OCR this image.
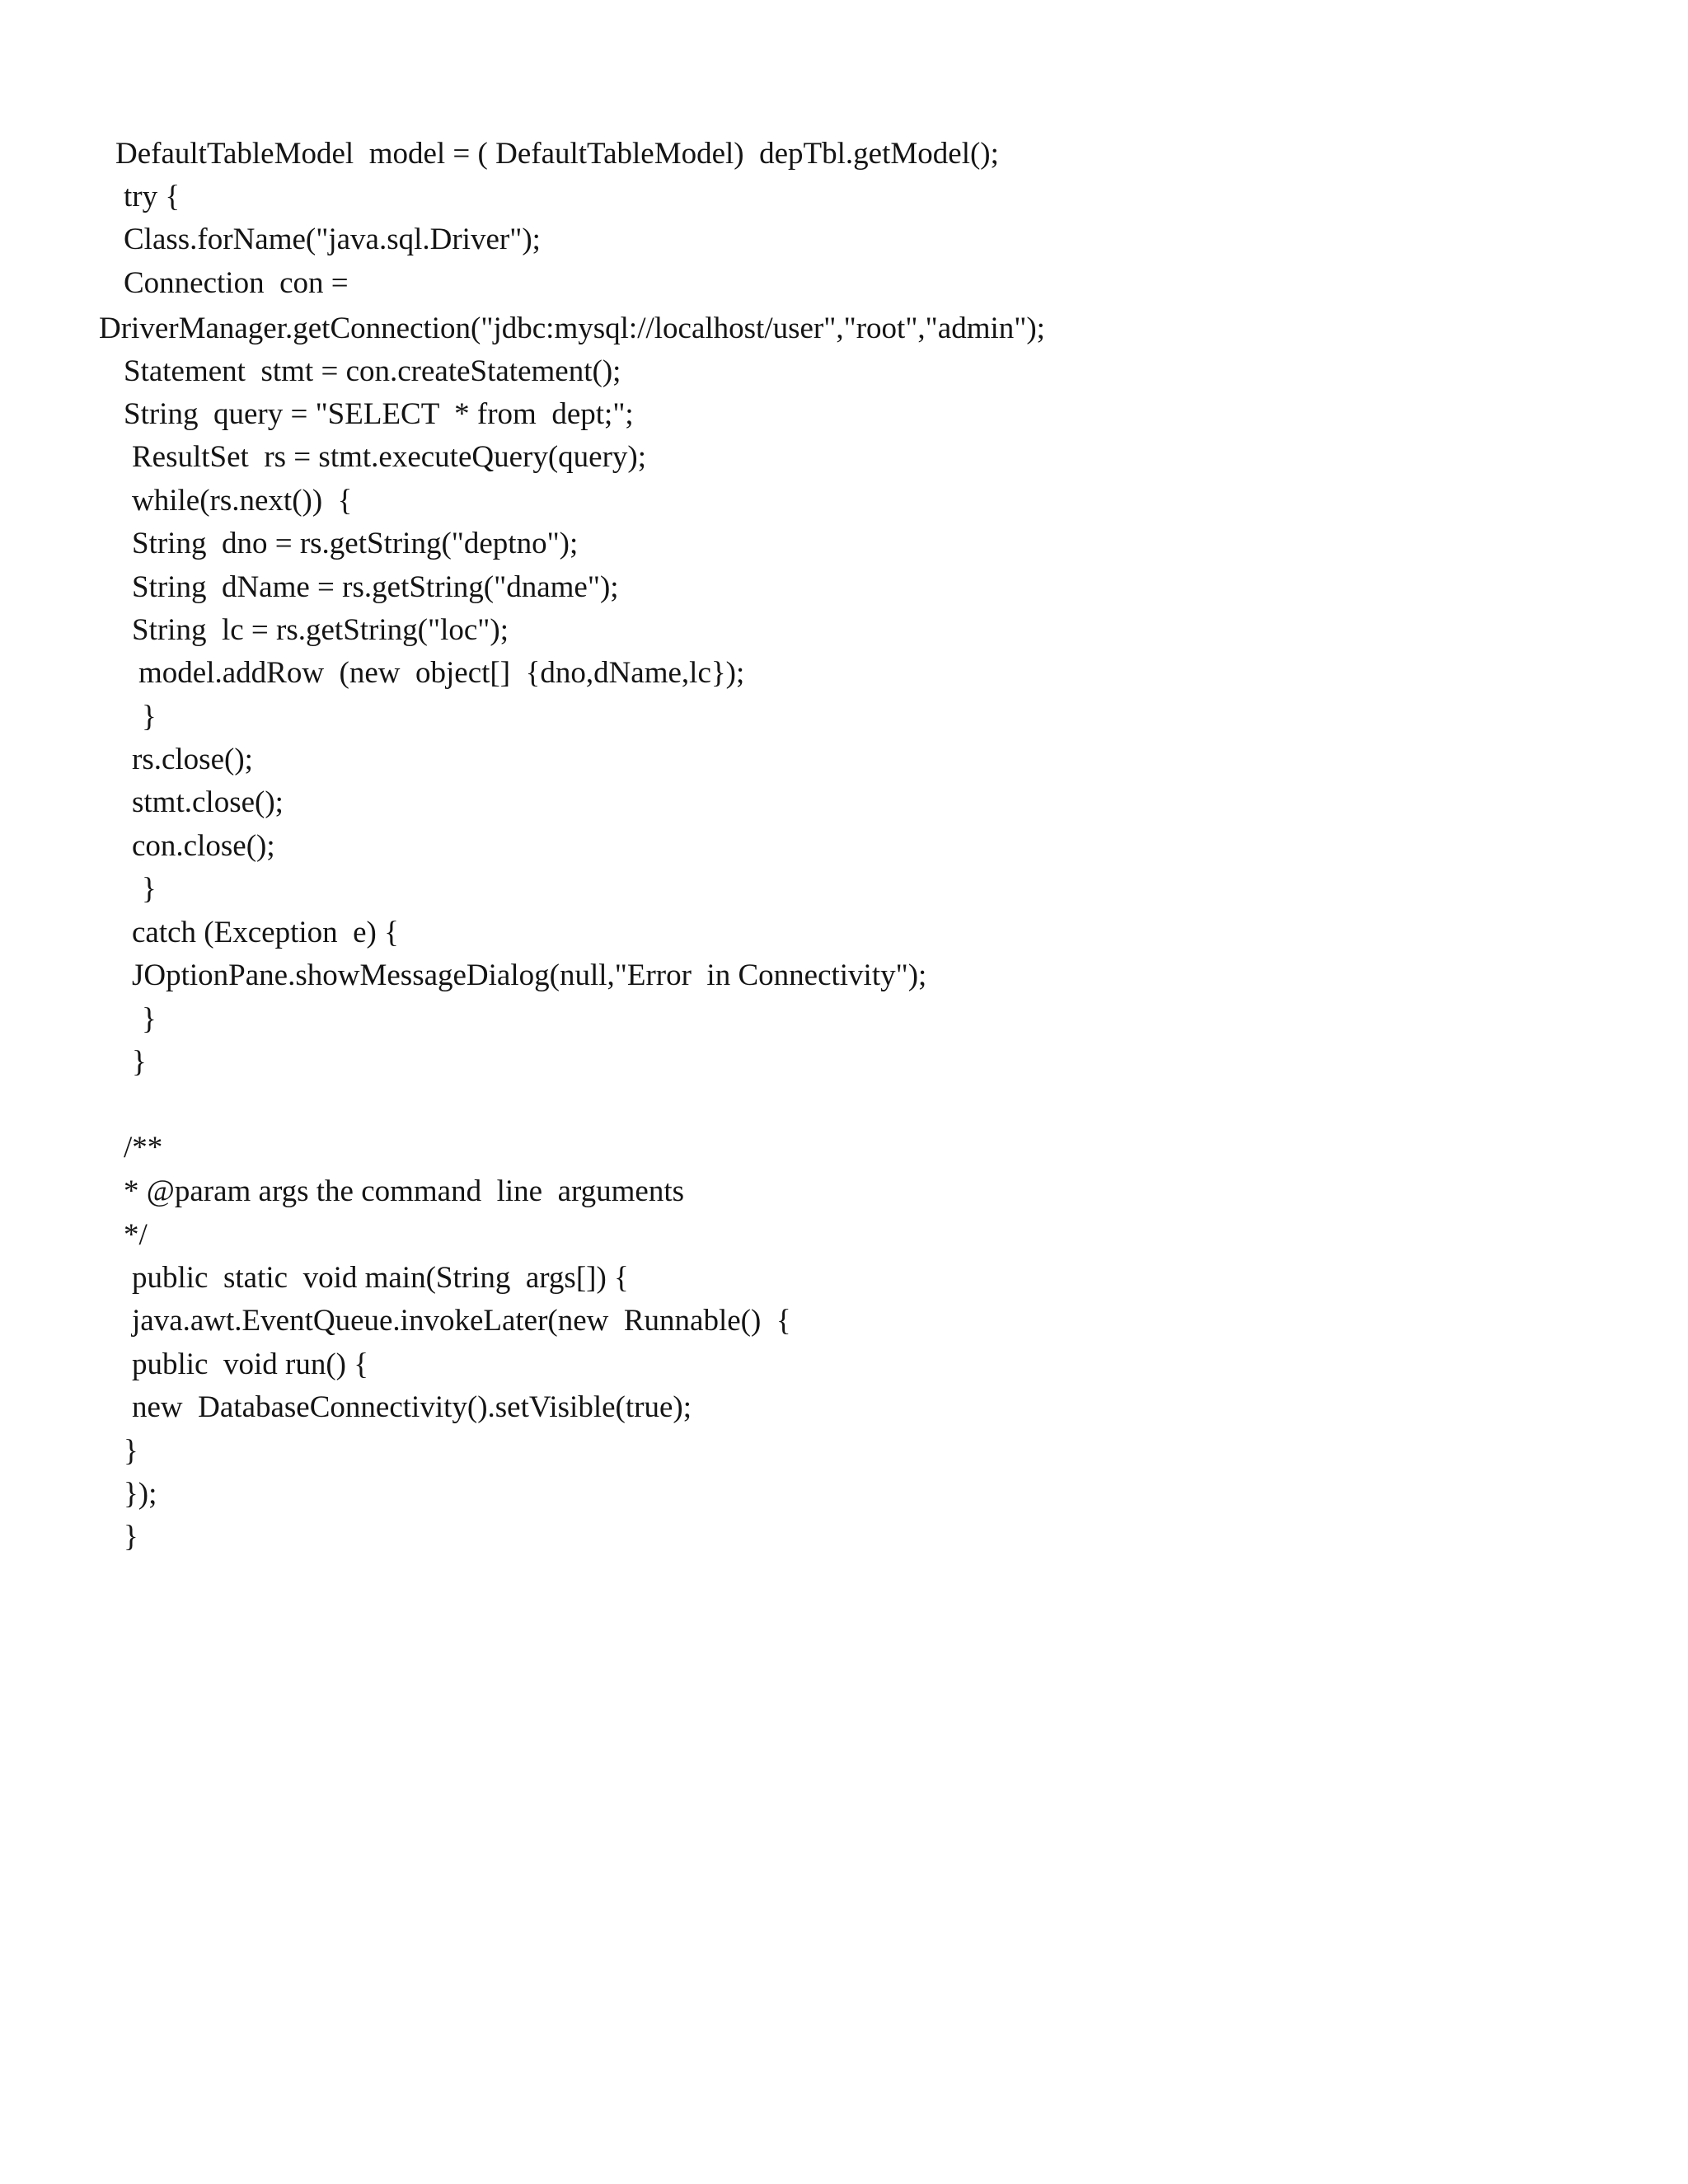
DefaultTableModel  model = ( DefaultTableModel)  depTbl.getModel();
try {
Class.forName("java.sql.Driver");
Connection  con =
DriverManager.getConnection("jdbc:mysql://localhost/user","root","admin");
Statement  stmt = con.createStatement();
String  query = "SELECT  * from  dept;";
ResultSet  rs = stmt.executeQuery(query);
while(rs.next())  {
String  dno = rs.getString("deptno");
String  dName = rs.getString("dname");
String  lc = rs.getString("loc");
model.addRow  (new  object[]  {dno,dName,lc});
}
rs.close();
stmt.close();
con.close();
}
catch (Exception  e) {
JOptionPane.showMessageDialog(null,"Error  in Connectivity");
}
}
/**
* @param args the command  line  arguments
*/
public  static  void main(String  args[]) {
java.awt.EventQueue.invokeLater(new  Runnable()  {
public  void run() {
new  DatabaseConnectivity().setVisible(true);
}
});
}
